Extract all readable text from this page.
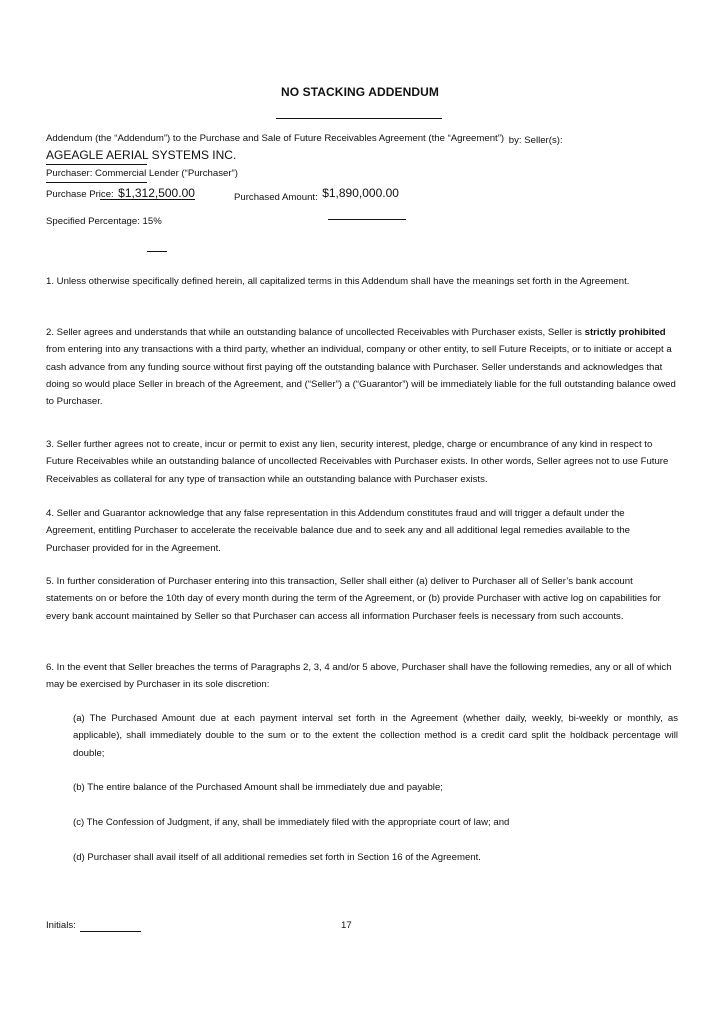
NO STACKING ADDENDUM
Addendum (the “Addendum”) to the Purchase and Sale of Future Receivables Agreement (the “Agreement”) by: Seller(s):
AGEAGLE AERIAL SYSTEMS INC.
Purchaser: Commercial Lender (“Purchaser”)
Purchase Price: $1,312,500.00	Purchased Amount: $1,890,000.00
Specified Percentage: 15%
1. Unless otherwise specifically defined herein, all capitalized terms in this Addendum shall have the meanings set forth in the Agreement.
2. Seller agrees and understands that while an outstanding balance of uncollected Receivables with Purchaser exists, Seller is strictly prohibited from entering into any transactions with a third party, whether an individual, company or other entity, to sell Future Receipts, or to initiate or accept a cash advance from any funding source without first paying off the outstanding balance with Purchaser. Seller understands and acknowledges that doing so would place Seller in breach of the Agreement, and (“Seller”) a (“Guarantor”) will be immediately liable for the full outstanding balance owed to Purchaser.
3. Seller further agrees not to create, incur or permit to exist any lien, security interest, pledge, charge or encumbrance of any kind in respect to Future Receivables while an outstanding balance of uncollected Receivables with Purchaser exists. In other words, Seller agrees not to use Future Receivables as collateral for any type of transaction while an outstanding balance with Purchaser exists.
4. Seller and Guarantor acknowledge that any false representation in this Addendum constitutes fraud and will trigger a default under the Agreement, entitling Purchaser to accelerate the receivable balance due and to seek any and all additional legal remedies available to the Purchaser provided for in the Agreement.
5. In further consideration of Purchaser entering into this transaction, Seller shall either (a) deliver to Purchaser all of Seller’s bank account statements on or before the 10th day of every month during the term of the Agreement, or (b) provide Purchaser with active log on capabilities for every bank account maintained by Seller so that Purchaser can access all information Purchaser feels is necessary from such accounts.
6. In the event that Seller breaches the terms of Paragraphs 2, 3, 4 and/or 5 above, Purchaser shall have the following remedies, any or all of which may be exercised by Purchaser in its sole discretion:
(a) The Purchased Amount due at each payment interval set forth in the Agreement (whether daily, weekly, bi-weekly or monthly, as applicable), shall immediately double to the sum or to the extent the collection method is a credit card split the holdback percentage will double;
(b) The entire balance of the Purchased Amount shall be immediately due and payable;
(c) The Confession of Judgment, if any, shall be immediately filed with the appropriate court of law; and
(d) Purchaser shall avail itself of all additional remedies set forth in Section 16 of the Agreement.
Initials:	17
